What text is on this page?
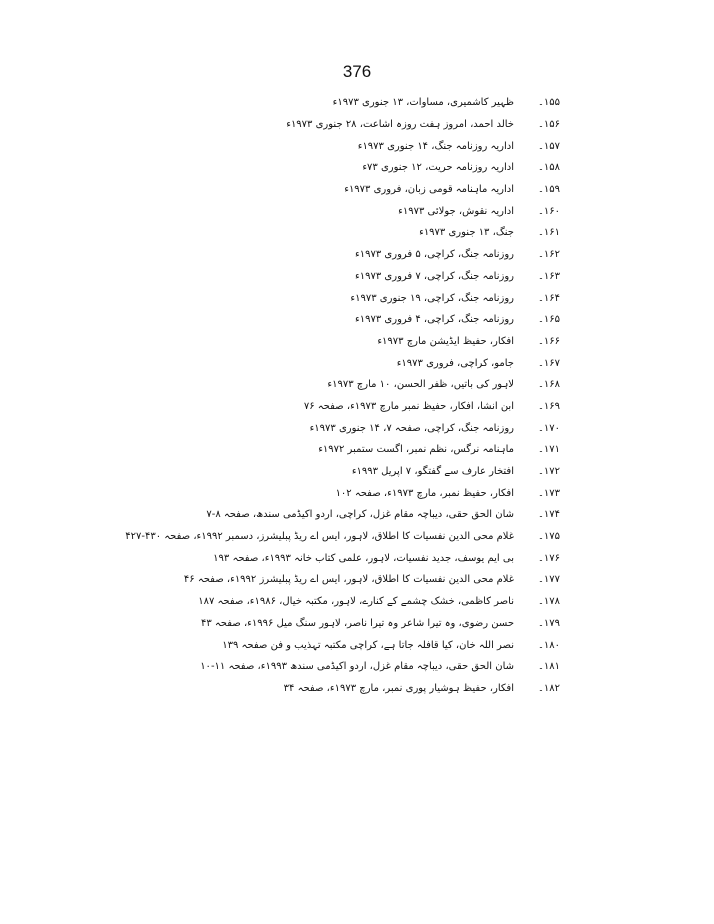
376
۱۵۵۔
ظہیر کاشمیری، مساوات، ۱۳ جنوری ۱۹۷۳ء
۱۵۶۔
خالد احمد، امروز ہفت روزہ اشاعت، ۲۸ جنوری ۱۹۷۳ء
۱۵۷۔
اداریہ روزنامہ جنگ، ۱۴ جنوری ۱۹۷۳ء
۱۵۸۔
اداریہ روزنامہ حریت، ۱۲ جنوری ۷۳ء
۱۵۹۔
اداریہ ماہنامہ قومی زبان، فروری ۱۹۷۳ء
۱۶۰۔
اداریہ نقوش، جولائی ۱۹۷۳ء
۱۶۱۔
جنگ، ۱۳ جنوری ۱۹۷۳ء
۱۶۲۔
روزنامہ جنگ، کراچی، ۵ فروری ۱۹۷۳ء
۱۶۳۔
روزنامہ جنگ، کراچی، ۷ فروری ۱۹۷۳ء
۱۶۴۔
روزنامہ جنگ، کراچی، ۱۹ جنوری ۱۹۷۳ء
۱۶۵۔
روزنامہ جنگ، کراچی، ۴ فروری ۱۹۷۳ء
۱۶۶۔
افکار، حفیظ ایڈیشن مارچ ۱۹۷۳ء
۱۶۷۔
جامو، کراچی، فروری ۱۹۷۳ء
۱۶۸۔
لاہور کی باتیں، ظفر الحسن، ۱۰ مارچ ۱۹۷۳ء
۱۶۹۔
ابن انشا، افکار، حفیظ نمبر مارچ ۱۹۷۳ء، صفحہ ۷۶
۱۷۰۔
روزنامہ جنگ، کراچی، صفحہ ۷، ۱۴ جنوری ۱۹۷۳ء
۱۷۱۔
ماہنامہ نرگس، نظم نمبر، اگست ستمبر ۱۹۷۲ء
۱۷۲۔
افتخار عارف سے گفتگو، ۷ اپریل ۱۹۹۳ء
۱۷۳۔
افکار، حفیظ نمبر، مارچ ۱۹۷۳ء، صفحہ ۱۰۲
۱۷۴۔
شان الحق حقی، دیباچہ مقام غزل، کراچی، اردو اکیڈمی سندھ، صفحہ ۸-۷
۱۷۵۔
غلام محی الدین نفسیات کا اطلاق، لاہور، ایس اے ریڈ پبلیشرز، دسمبر ۱۹۹۲ء، صفحہ ۴۳۰-۴۲۷
۱۷۶۔
بی ایم یوسف، جدید نفسیات، لاہور، علمی کتاب خانہ ۱۹۹۳ء، صفحہ ۱۹۳
۱۷۷۔
غلام محی الدین نفسیات کا اطلاق، لاہور، ایس اے ریڈ پبلیشرز ۱۹۹۲ء، صفحہ ۴۶
۱۷۸۔
ناصر کاظمی، خشک چشمے کے کنارے، لاہور، مکتبہ خیال، ۱۹۸۶ء، صفحہ ۱۸۷
۱۷۹۔
حسن رضوی، وہ تیرا شاعر وہ تیرا ناصر، لاہور سنگ میل ۱۹۹۶ء، صفحہ ۴۳
۱۸۰۔
نصر اللہ خان، کیا قافلہ جاتا ہے، کراچی مکتبہ تہذیب و فن صفحہ ۱۳۹
۱۸۱۔
شان الحق حقی، دیباچہ مقام غزل، اردو اکیڈمی سندھ ۱۹۹۳ء، صفحہ ۱۱-۱۰
۱۸۲۔
افکار، حفیظ ہوشیار پوری نمبر، مارچ ۱۹۷۳ء، صفحہ ۳۴
